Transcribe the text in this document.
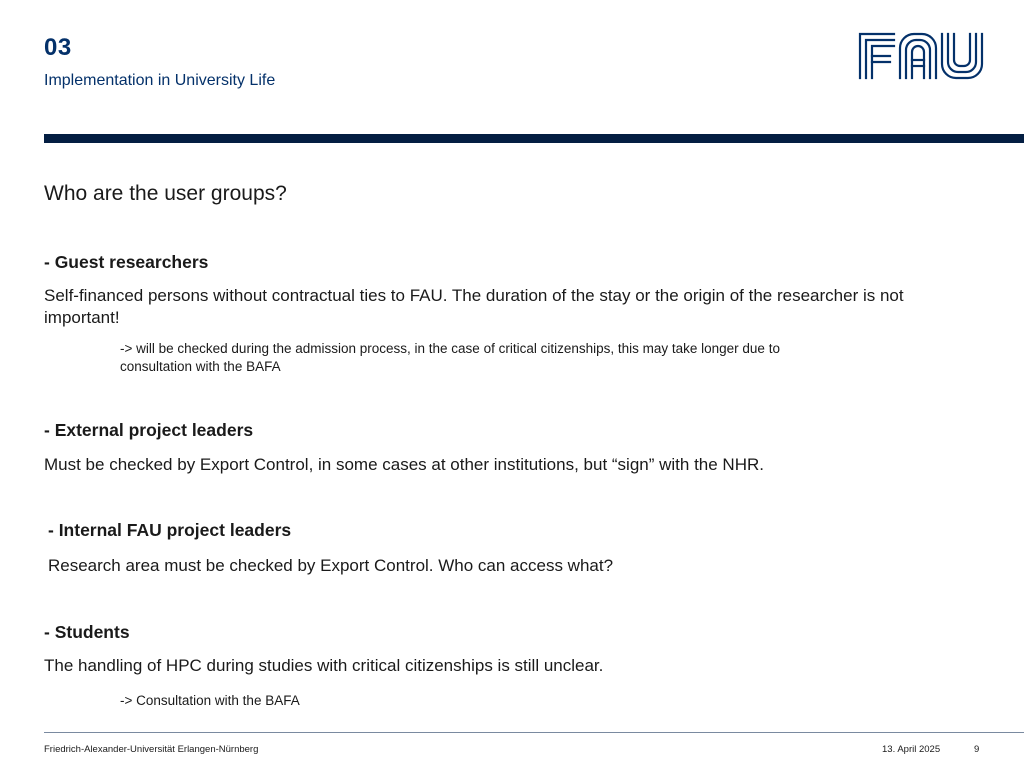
03
Implementation in University Life
Who are the user groups?
- Guest researchers
Self-financed persons without contractual ties to FAU. The duration of the stay or the origin of the researcher is not important!
-> will be checked during the admission process, in the case of critical citizenships, this may take longer due to consultation with the BAFA
- External project leaders
Must be checked by Export Control, in some cases at other institutions, but “sign” with the NHR.
- Internal FAU project leaders
Research area must be checked by Export Control. Who can access what?
- Students
The handling of HPC during studies with critical citizenships is still unclear.
-> Consultation with the BAFA
Friedrich-Alexander-Universität Erlangen-Nürnberg	13. April 2025	9
